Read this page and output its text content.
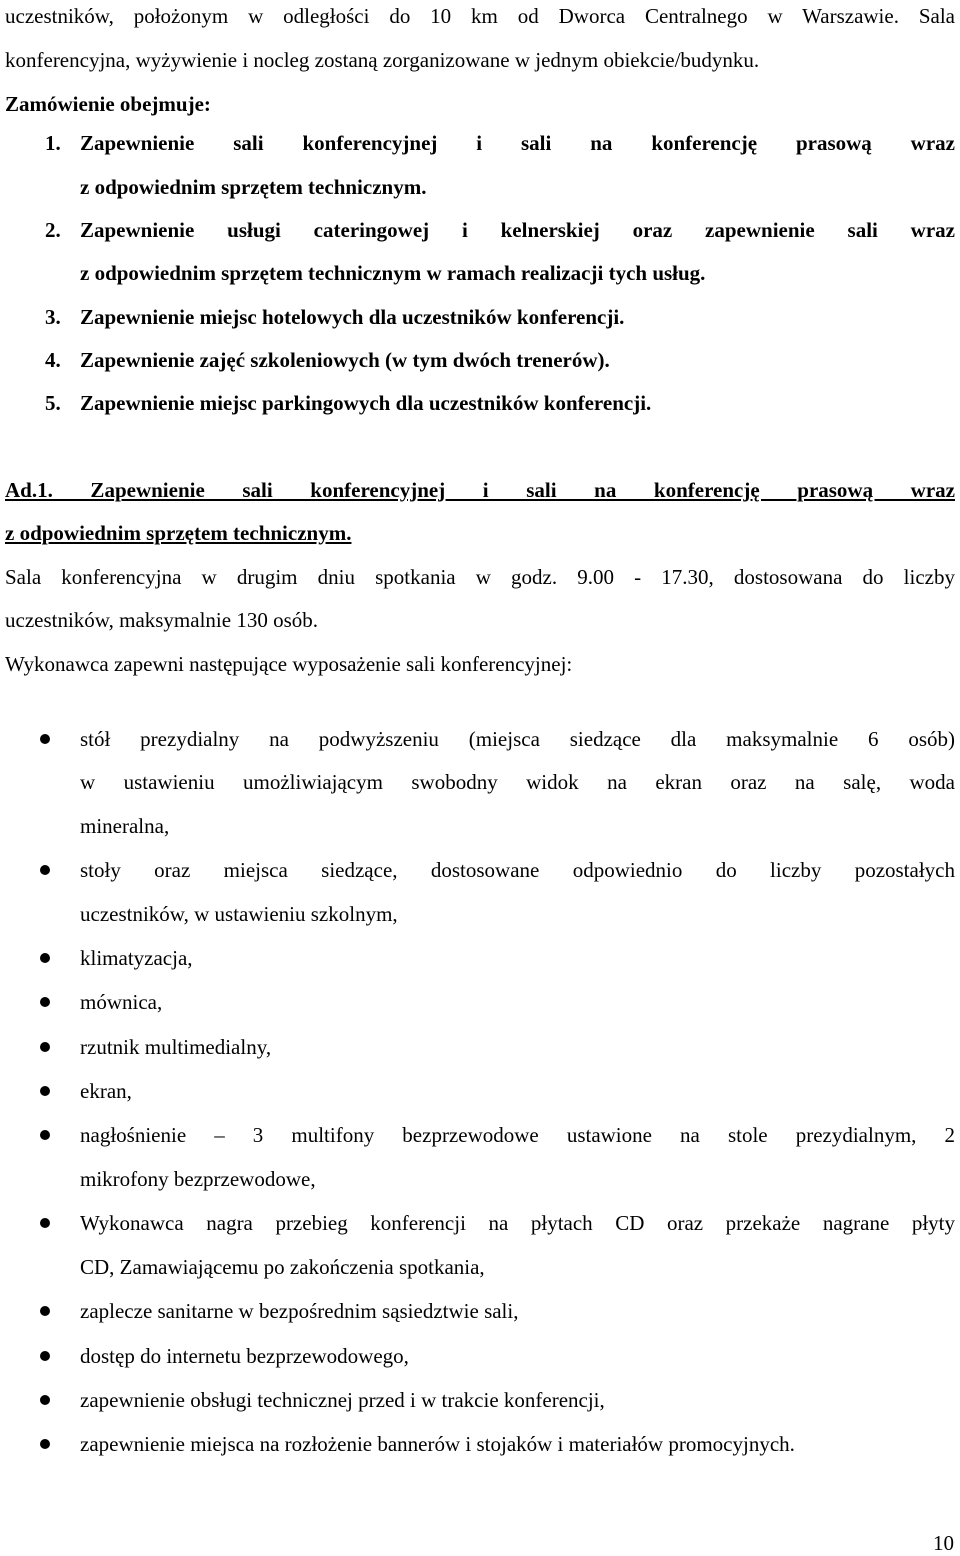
uczestników, położonym w odległości do 10 km od Dworca Centralnego w Warszawie. Sala
konferencyjna, wyżywienie i nocleg zostaną zorganizowane w jednym obiekcie/budynku.
Zamówienie obejmuje:
1. Zapewnienie sali konferencyjnej i sali na konferencję prasową wraz
z odpowiednim sprzętem technicznym.
2. Zapewnienie usługi cateringowej i kelnerskiej oraz zapewnienie sali wraz
z odpowiednim sprzętem technicznym w ramach realizacji tych usług.
3. Zapewnienie miejsc hotelowych dla uczestników konferencji.
4. Zapewnienie zajęć szkoleniowych (w tym dwóch trenerów).
5. Zapewnienie miejsc parkingowych dla uczestników konferencji.
Ad.1. Zapewnienie sali konferencyjnej i sali na konferencję prasową wraz
z odpowiednim sprzętem technicznym.
Sala konferencyjna w drugim dniu spotkania w godz. 9.00 - 17.30, dostosowana do liczby
uczestników, maksymalnie 130 osób.
Wykonawca zapewni następujące wyposażenie sali konferencyjnej:
stół prezydialny na podwyższeniu (miejsca siedzące dla maksymalnie 6 osób)
w ustawieniu umożliwiającym swobodny widok na ekran oraz na salę, woda
mineralna,
stoły oraz miejsca siedzące, dostosowane odpowiednio do liczby pozostałych
uczestników, w ustawieniu szkolnym,
klimatyzacja,
mównica,
rzutnik multimedialny,
ekran,
nagłośnienie – 3 multifony bezprzewodowe ustawione na stole prezydialnym, 2
mikrofony bezprzewodowe,
Wykonawca nagra przebieg konferencji na płytach CD oraz przekaże nagrane płyty
CD, Zamawiającemu po zakończenia spotkania,
zaplecze sanitarne w bezpośrednim sąsiedztwie sali,
dostęp do internetu bezprzewodowego,
zapewnienie obsługi technicznej przed i w trakcie konferencji,
zapewnienie miejsca na rozłożenie bannerów i stojaków i materiałów promocyjnych.
10
